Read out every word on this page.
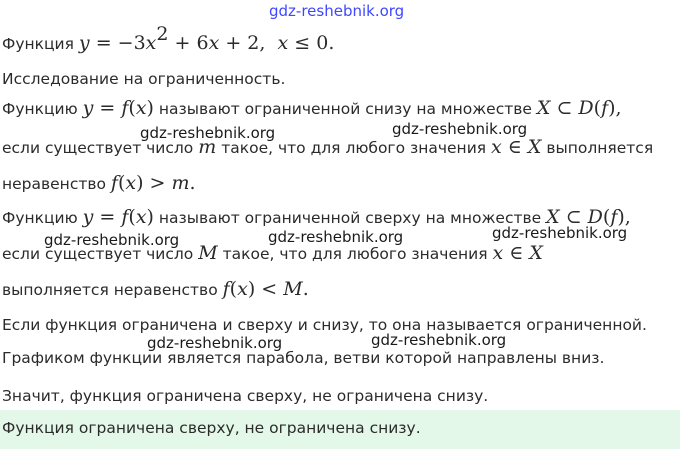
gdz-reshebnik.org
Функция $y = -3x^2 + 6x + 2$,  x ≤ 0.
Исследование на ограниченность.
Функцию y = f(x) называют ограниченной снизу на множестве X ⊂ D(f),
gdz-reshebnik.org	gdz-reshebnik.org
если существует число m такое, что для любого значения x ∈ X выполняется
неравенство f(x) > m.
Функцию y = f(x) называют ограниченной сверху на множестве X ⊂ D(f),
gdz-reshebnik.org	gdz-reshebnik.org	gdz-reshebnik.org
если существует число M такое, что для любого значения x ∈ X
выполняется неравенство f(x) < M.
Если функция ограничена и сверху и снизу, то она называется ограниченной.
gdz-reshebnik.org	gdz-reshebnik.org
Графиком функции является парабола, ветви которой направлены вниз.
Значит, функция ограничена сверху, не ограничена снизу.
Функция ограничена сверху, не ограничена снизу.
